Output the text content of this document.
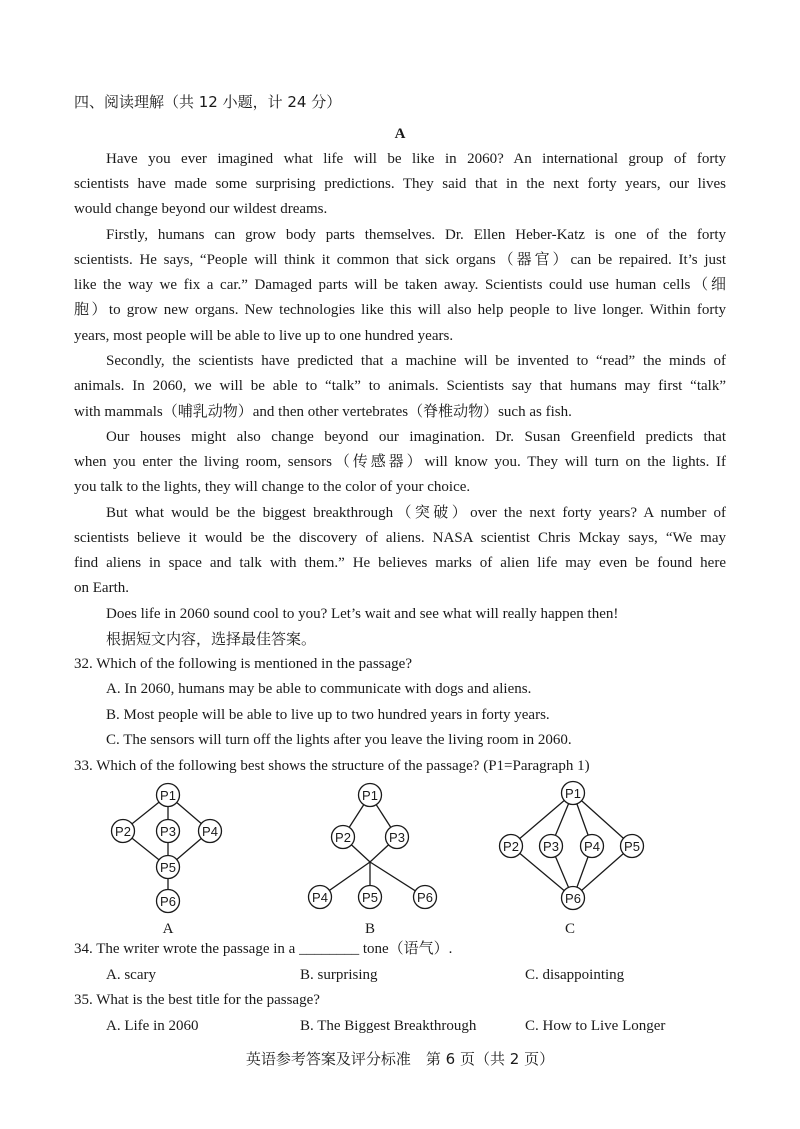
四、阅读理解（共 12 小题，计 24 分）
A
Have you ever imagined what life will be like in 2060? An international group of forty
scientists have made some surprising predictions. They said that in the next forty years, our lives
would change beyond our wildest dreams.
Firstly, humans can grow body parts themselves. Dr. Ellen Heber-Katz is one of the forty
scientists. He says, “People will think it common that sick organs（器官）can be repaired. It’s just
like the way we fix a car.” Damaged parts will be taken away. Scientists could use human cells（细
胞）to grow new organs. New technologies like this will also help people to live longer. Within forty
years, most people will be able to live up to one hundred years.
Secondly, the scientists have predicted that a machine will be invented to “read” the minds of
animals. In 2060, we will be able to “talk” to animals. Scientists say that humans may first “talk”
with mammals（哺乳动物）and then other vertebrates（脊椎动物）such as fish.
Our houses might also change beyond our imagination. Dr. Susan Greenfield predicts that
when you enter the living room, sensors（传感器）will know you. They will turn on the lights. If
you talk to the lights, they will change to the color of your choice.
But what would be the biggest breakthrough（突破）over the next forty years? A number of
scientists believe it would be the discovery of aliens. NASA scientist Chris Mckay says, “We may
find aliens in space and talk with them.” He believes marks of alien life may even be found here
on Earth.
Does life in 2060 sound cool to you? Let’s wait and see what will really happen then!
根据短文内容，选择最佳答案。
32. Which of the following is mentioned in the passage?
A. In 2060, humans may be able to communicate with dogs and aliens.
B. Most people will be able to live up to two hundred years in forty years.
C. The sensors will turn off the lights after you leave the living room in 2060.
33. Which of the following best shows the structure of the passage? (P1=Paragraph 1)
P1
P2 P3 P4
P5
P6
A
P1
P2	P3
P4	P5	P6
B
P1
P2 P3 P4 P5
P6
C
34. The writer wrote the passage in a ________ tone（语气）.
A. scary	B. surprising	C. disappointing
35. What is the best title for the passage?
A. Life in 2060	B. The Biggest Breakthrough	C. How to Live Longer
英语参考答案及评分标准　第 6 页（共 2 页）
